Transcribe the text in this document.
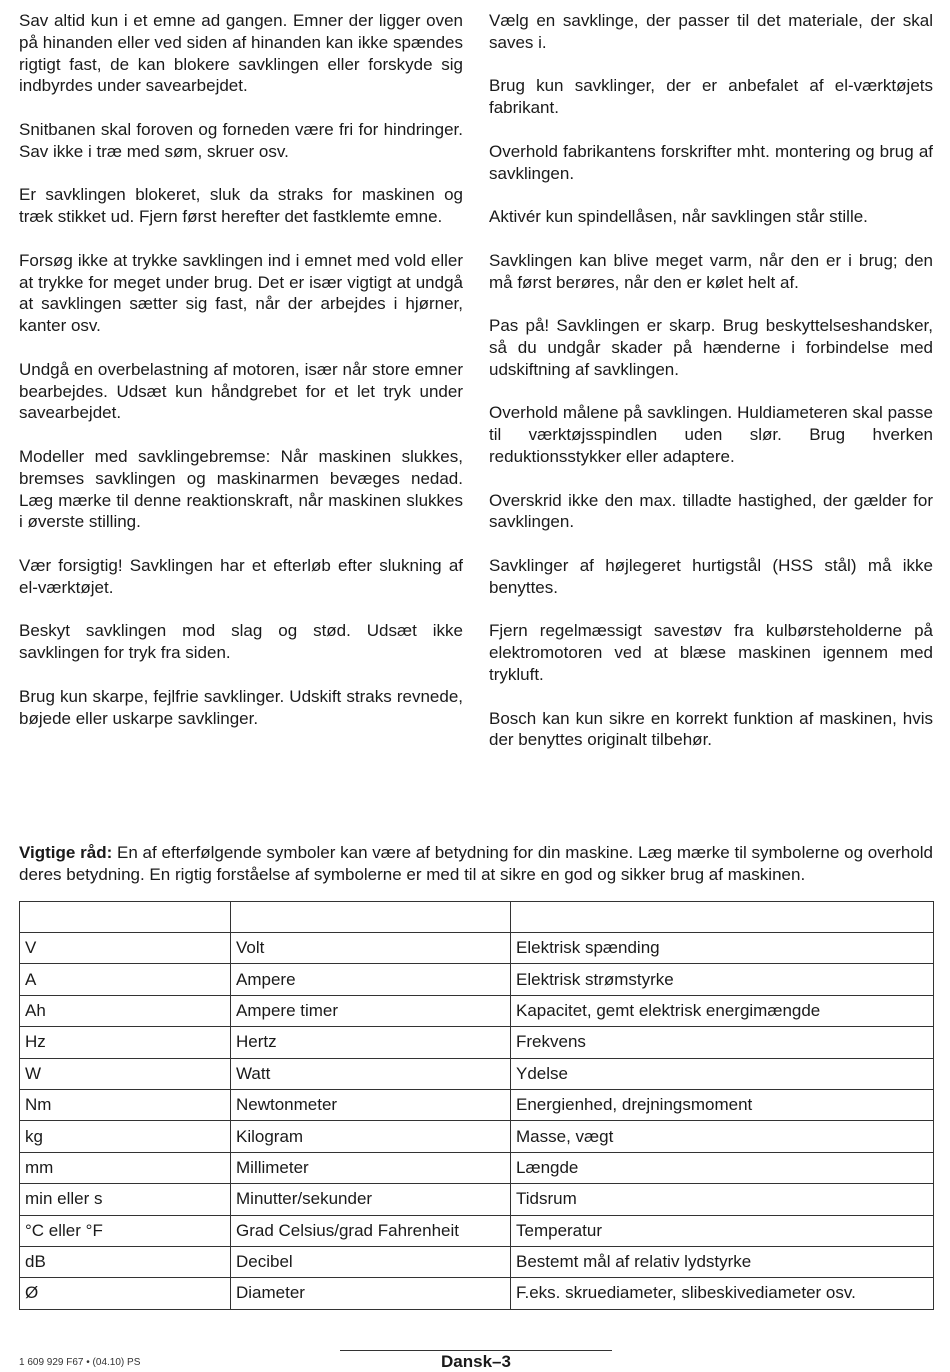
Sav altid kun i et emne ad gangen. Emner der ligger oven på hinanden eller ved siden af hinanden kan ikke spændes rigtigt fast, de kan blokere savklingen eller forskyde sig indbyrdes under savearbejdet.

Snitbanen skal foroven og forneden være fri for hindringer. Sav ikke i træ med søm, skruer osv.

Er savklingen blokeret, sluk da straks for maskinen og træk stikket ud. Fjern først herefter det fastklemte emne.

Forsøg ikke at trykke savklingen ind i emnet med vold eller at trykke for meget under brug. Det er især vigtigt at undgå at savklingen sætter sig fast, når der arbejdes i hjørner, kanter osv.

Undgå en overbelastning af motoren, især når store emner bearbejdes. Udsæt kun håndgrebet for et let tryk under savearbejdet.

Modeller med savklingebremse: Når maskinen slukkes, bremses savklingen og maskinarmen bevæges nedad. Læg mærke til denne reaktionskraft, når maskinen slukkes i øverste stilling.

Vær forsigtig! Savklingen har et efterløb efter slukning af el-værktøjet.

Beskyt savklingen mod slag og stød. Udsæt ikke savklingen for tryk fra siden.

Brug kun skarpe, fejlfrie savklinger. Udskift straks revnede, bøjede eller uskarpe savklinger.

Vælg en savklinge, der passer til det materiale, der skal saves i.

Brug kun savklinger, der er anbefalet af el-værktøjets fabrikant.

Overhold fabrikantens forskrifter mht. montering og brug af savklingen.

Aktivér kun spindellåsen, når savklingen står stille.

Savklingen kan blive meget varm, når den er i brug; den må først berøres, når den er kølet helt af.

Pas på! Savklingen er skarp. Brug beskyttelseshandsker, så du undgår skader på hænderne i forbindelse med udskiftning af savklingen.

Overhold målene på savklingen. Huldiameteren skal passe til værktøjsspindlen uden slør. Brug hverken reduktionsstykker eller adaptere.

Overskrid ikke den max. tilladte hastighed, der gælder for savklingen.

Savklinger af højlegeret hurtigstål (HSS stål) må ikke benyttes.

Fjern regelmæssigt savestøv fra kulbørsteholderne på elektromotoren ved at blæse maskinen igennem med trykluft.

Bosch kan kun sikre en korrekt funktion af maskinen, hvis der benyttes originalt tilbehør.

Vigtige råd: En af efterfølgende symboler kan være af betydning for din maskine. Læg mærke til symbolerne og overhold deres betydning. En rigtig forståelse af symbolerne er med til at sikre en god og sikker brug af maskinen.

V	Volt	Elektrisk spænding
A	Ampere	Elektrisk strømstyrke
Ah	Ampere timer	Kapacitet, gemt elektrisk energimængde
Hz	Hertz	Frekvens
W	Watt	Ydelse
Nm	Newtonmeter	Energienhed, drejningsmoment
kg	Kilogram	Masse, vægt
mm	Millimeter	Længde
min eller s	Minutter/sekunder	Tidsrum
°C eller °F	Grad Celsius/grad Fahrenheit	Temperatur
dB	Decibel	Bestemt mål af relativ lydstyrke
Ø	Diameter	F.eks. skruediameter, slibeskivediameter osv.
1 609 929 F67 • (04.10) PS	Dansk–3
